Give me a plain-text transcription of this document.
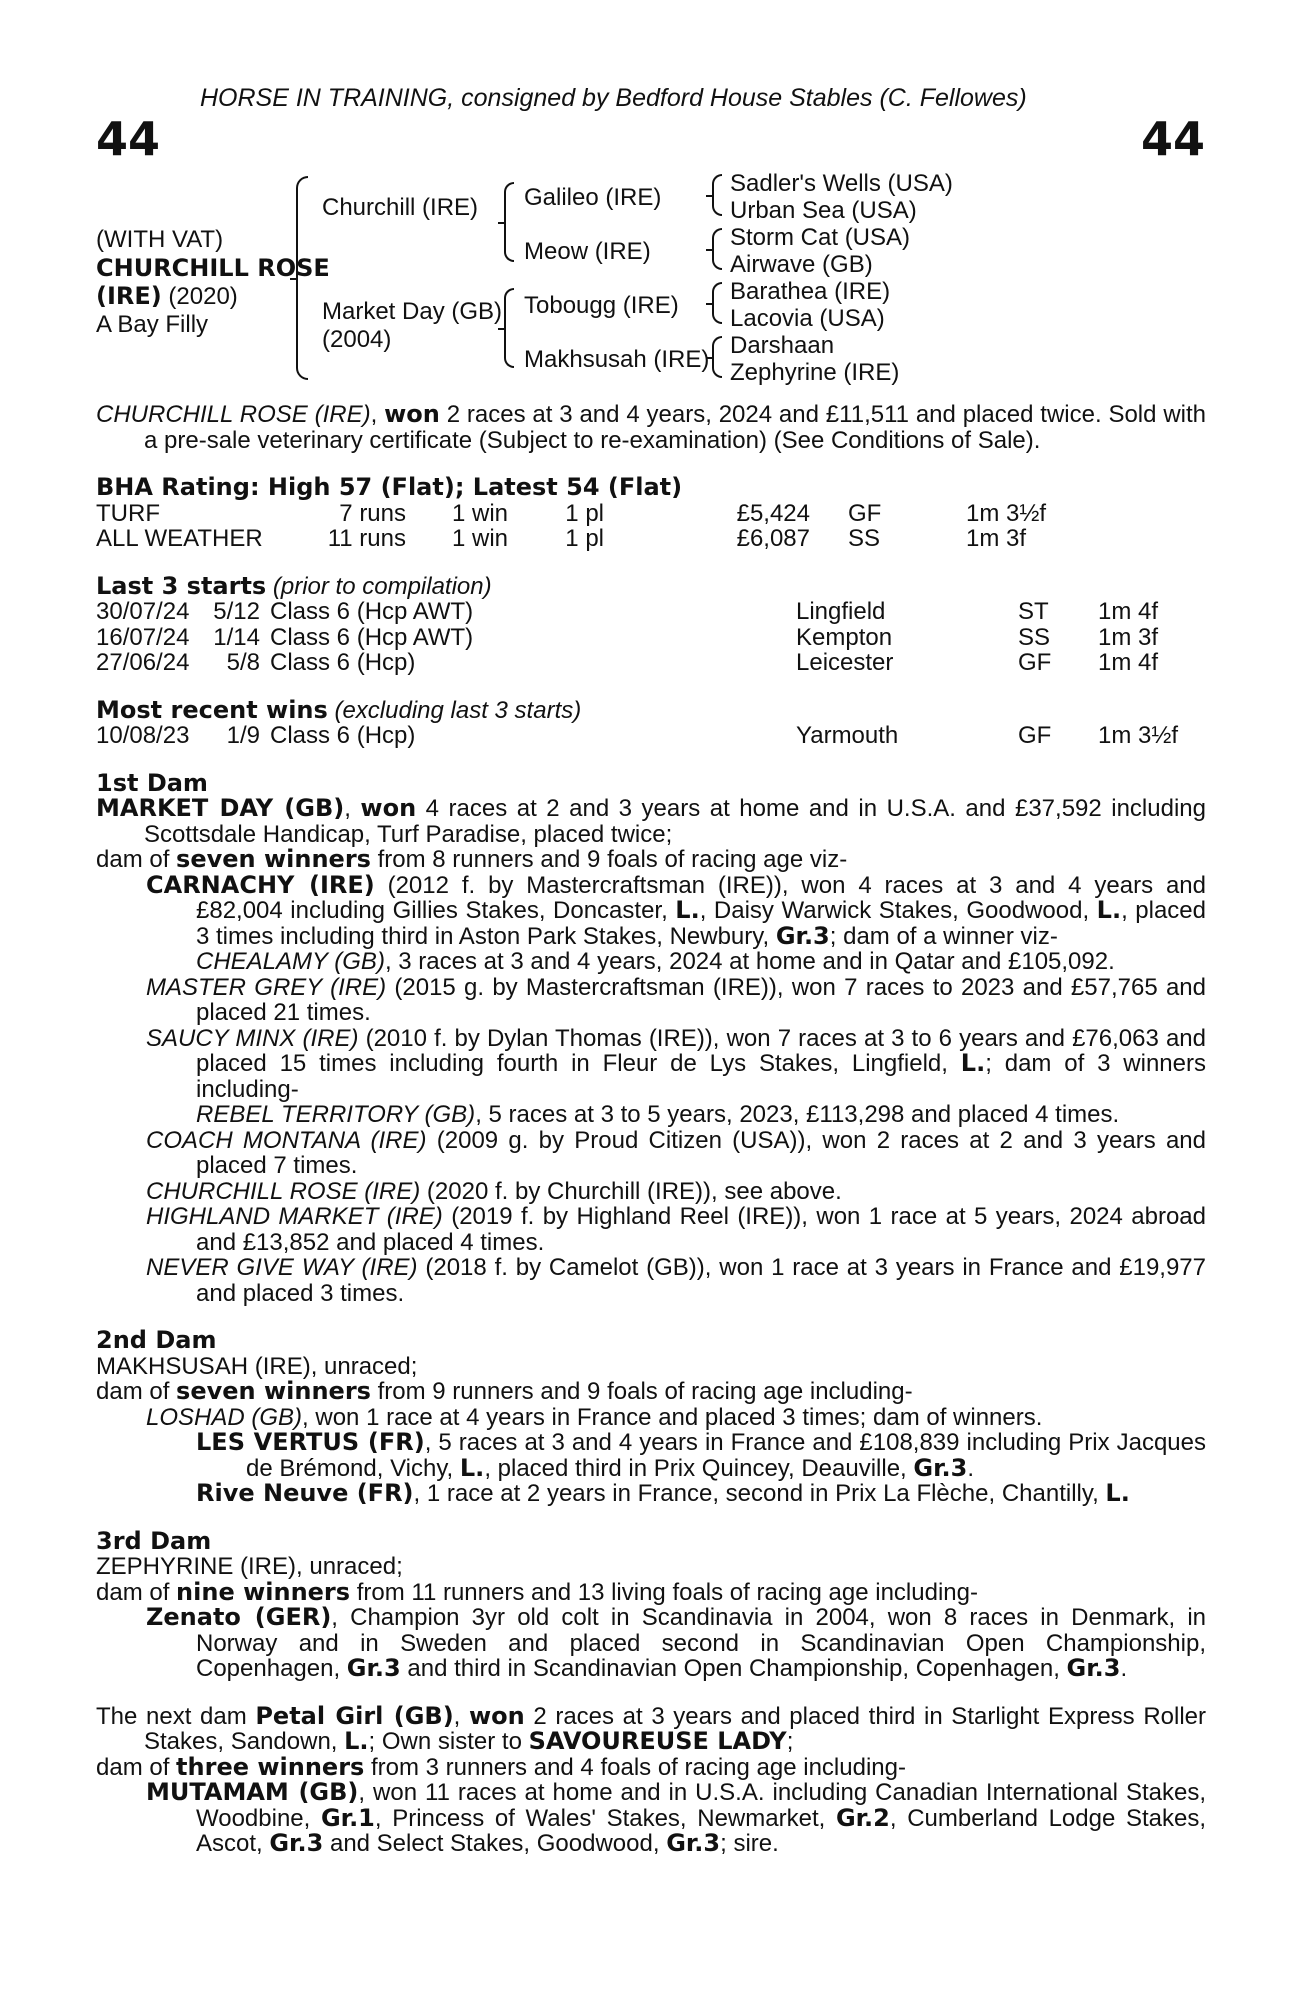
HORSE IN TRAINING, consigned by Bedford House Stables (C. Fellowes)
44	44
(WITH VAT)
CHURCHILL ROSE
(IRE) (2020)
A Bay Filly
Churchill (IRE)
Market Day (GB)
(2004)
Galileo (IRE)
Meow (IRE)
Tobougg (IRE)
Makhsusah (IRE)
Sadler's Wells (USA)
Urban Sea (USA)
Storm Cat (USA)
Airwave (GB)
Barathea (IRE)
Lacovia (USA)
Darshaan
Zephyrine (IRE)

CHURCHILL ROSE (IRE), won 2 races at 3 and 4 years, 2024 and £11,511 and placed twice. Sold with a pre-sale veterinary certificate (Subject to re-examination) (See Conditions of Sale).

BHA Rating: High 57 (Flat); Latest 54 (Flat)
TURF	7 runs	1 win	1 pl	£5,424	GF	1m 3½f
ALL WEATHER	11 runs	1 win	1 pl	£6,087	SS	1m 3f
Last 3 starts (prior to compilation)
30/07/24	5/12	Class 6 (Hcp AWT)	Lingfield	ST	1m 4f
16/07/24	1/14	Class 6 (Hcp AWT)	Kempton	SS	1m 3f
27/06/24	5/8	Class 6 (Hcp)	Leicester	GF	1m 4f
Most recent wins (excluding last 3 starts)
10/08/23	1/9	Class 6 (Hcp)	Yarmouth	GF	1m 3½f
1st Dam

MARKET DAY (GB), won 4 races at 2 and 3 years at home and in U.S.A. and £37,592 including Scottsdale Handicap, Turf Paradise, placed twice;

dam of seven winners from 8 runners and 9 foals of racing age viz-

CARNACHY (IRE) (2012 f. by Mastercraftsman (IRE)), won 4 races at 3 and 4 years and £82,004 including Gillies Stakes, Doncaster, L., Daisy Warwick Stakes, Goodwood, L., placed 3 times including third in Aston Park Stakes, Newbury, Gr.3; dam of a winner viz-

CHEALAMY (GB), 3 races at 3 and 4 years, 2024 at home and in Qatar and £105,092.

MASTER GREY (IRE) (2015 g. by Mastercraftsman (IRE)), won 7 races to 2023 and £57,765 and placed 21 times.

SAUCY MINX (IRE) (2010 f. by Dylan Thomas (IRE)), won 7 races at 3 to 6 years and £76,063 and placed 15 times including fourth in Fleur de Lys Stakes, Lingfield, L.; dam of 3 winners including-

REBEL TERRITORY (GB), 5 races at 3 to 5 years, 2023, £113,298 and placed 4 times.

COACH MONTANA (IRE) (2009 g. by Proud Citizen (USA)), won 2 races at 2 and 3 years and placed 7 times.

CHURCHILL ROSE (IRE) (2020 f. by Churchill (IRE)), see above.

HIGHLAND MARKET (IRE) (2019 f. by Highland Reel (IRE)), won 1 race at 5 years, 2024 abroad and £13,852 and placed 4 times.

NEVER GIVE WAY (IRE) (2018 f. by Camelot (GB)), won 1 race at 3 years in France and £19,977 and placed 3 times.

2nd Dam

MAKHSUSAH (IRE), unraced;

dam of seven winners from 9 runners and 9 foals of racing age including-

LOSHAD (GB), won 1 race at 4 years in France and placed 3 times; dam of winners.

LES VERTUS (FR), 5 races at 3 and 4 years in France and £108,839 including Prix Jacques de Brémond, Vichy, L., placed third in Prix Quincey, Deauville, Gr.3.

Rive Neuve (FR), 1 race at 2 years in France, second in Prix La Flèche, Chantilly, L.

3rd Dam

ZEPHYRINE (IRE), unraced;

dam of nine winners from 11 runners and 13 living foals of racing age including-

Zenato (GER), Champion 3yr old colt in Scandinavia in 2004, won 8 races in Denmark, in Norway and in Sweden and placed second in Scandinavian Open Championship, Copenhagen, Gr.3 and third in Scandinavian Open Championship, Copenhagen, Gr.3.

The next dam Petal Girl (GB), won 2 races at 3 years and placed third in Starlight Express Roller Stakes, Sandown, L.; Own sister to SAVOUREUSE LADY;

dam of three winners from 3 runners and 4 foals of racing age including-

MUTAMAM (GB), won 11 races at home and in U.S.A. including Canadian International Stakes, Woodbine, Gr.1, Princess of Wales' Stakes, Newmarket, Gr.2, Cumberland Lodge Stakes, Ascot, Gr.3 and Select Stakes, Goodwood, Gr.3; sire.
